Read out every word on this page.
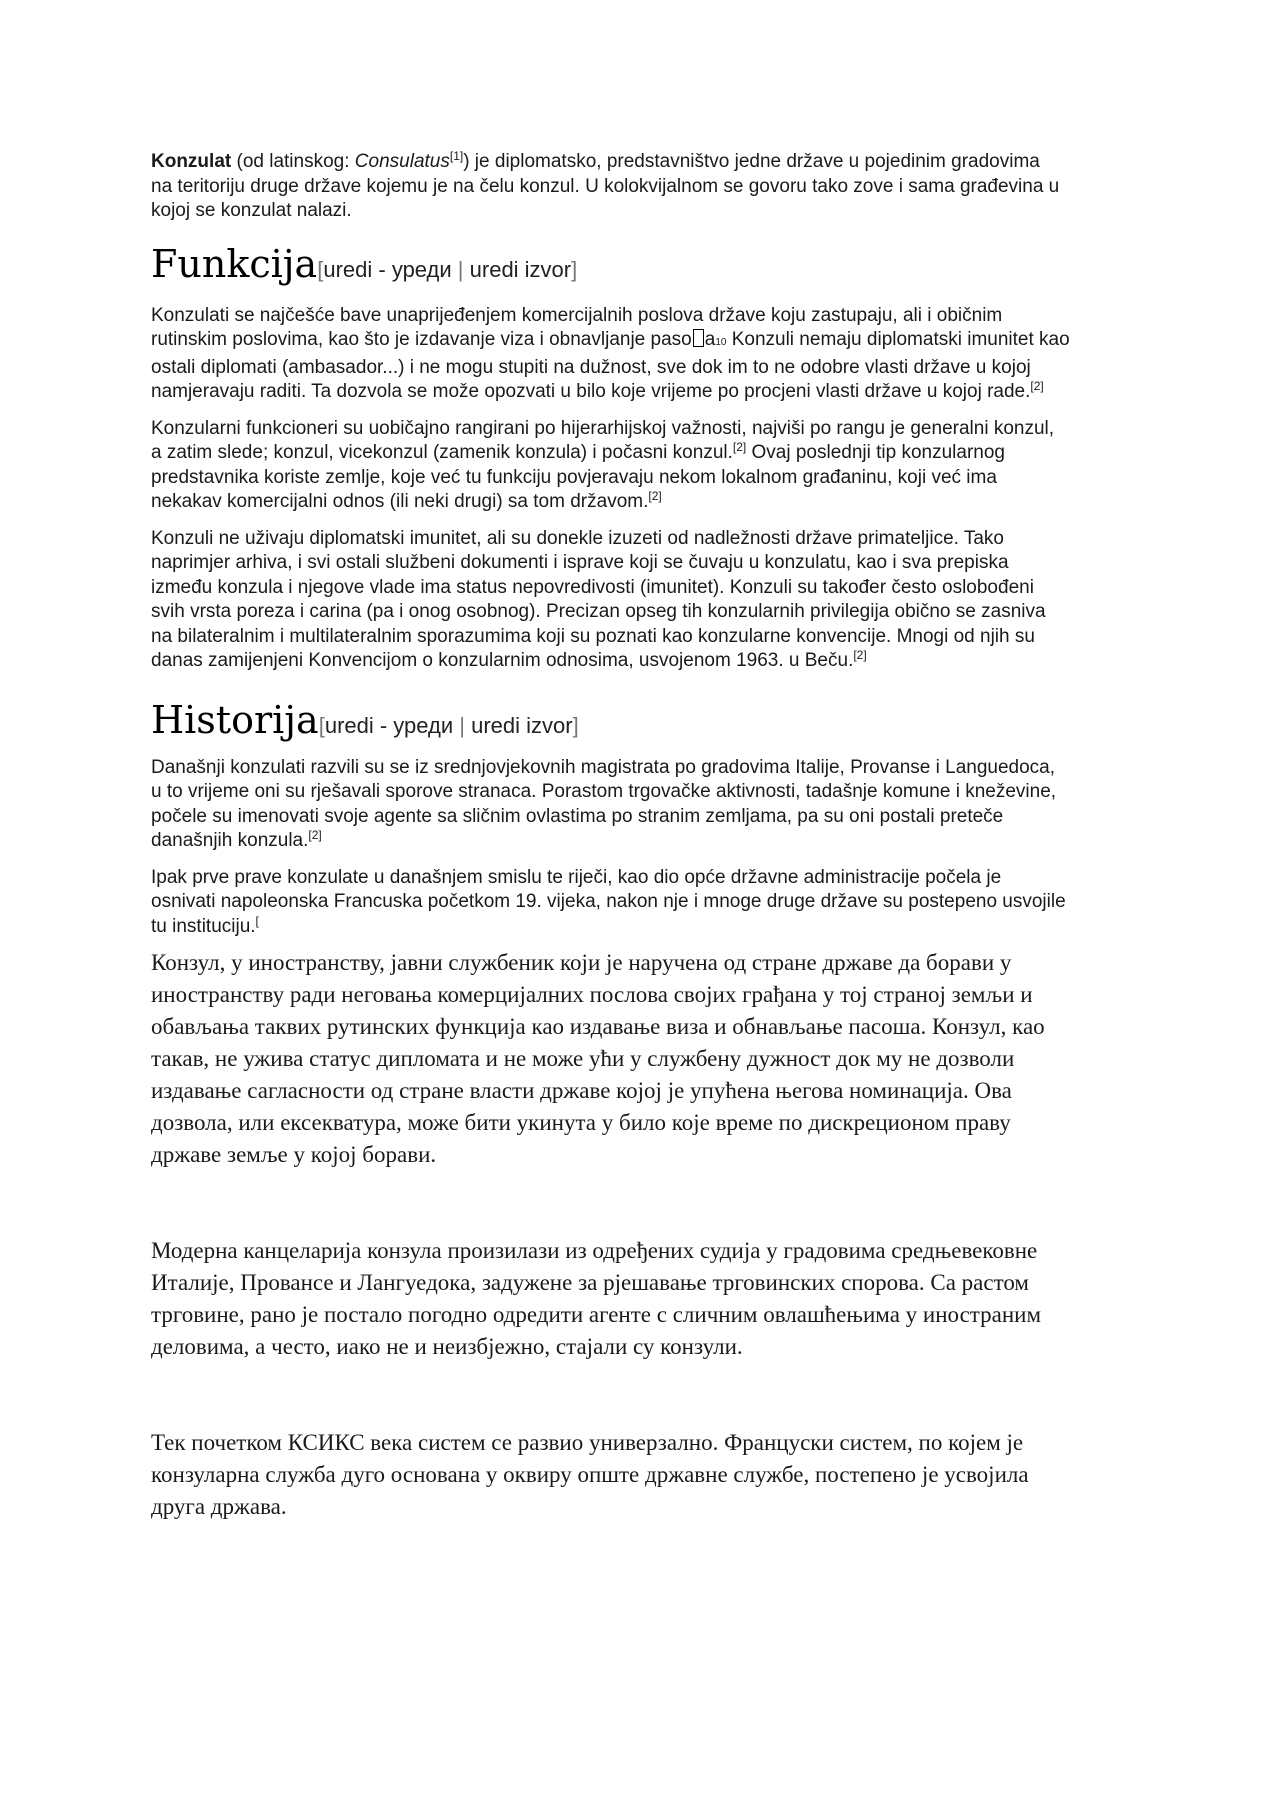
Konzulat (od latinskog: Consulatus[1]) je diplomatsko, predstavništvo jedne države u pojedinim gradovima
na teritoriju druge države kojemu je na čelu konzul. U kolokvijalnom se govoru tako zove i sama građevina u
kojoj se konzulat nalazi.

Funkcija[uredi - уреди | uredi izvor]

Konzulati se najčešće bave unaprijeđenjem komercijalnih poslova države koju zastupaju, ali i običnim
rutinskim poslovima, kao što je izdavanje viza i obnavljanje paso a10 Konzuli nemaju diplomatski imunitet kao
ostali diplomati (ambasador...) i ne mogu stupiti na dužnost, sve dok im to ne odobre vlasti države u kojoj
namjeravaju raditi. Ta dozvola se može opozvati u bilo koje vrijeme po procjeni vlasti države u kojoj rade.[2]

Konzularni funkcioneri su uobičajno rangirani po hijerarhijskoj važnosti, najviši po rangu je generalni konzul,
a zatim slede; konzul, vicekonzul (zamenik konzula) i počasni konzul.[2] Ovaj poslednji tip konzularnog
predstavnika koriste zemlje, koje već tu funkciju povjeravaju nekom lokalnom građaninu, koji već ima
nekakav komercijalni odnos (ili neki drugi) sa tom državom.[2]

Konzuli ne uživaju diplomatski imunitet, ali su donekle izuzeti od nadležnosti države primateljice. Tako
naprimjer arhiva, i svi ostali službeni dokumenti i isprave koji se čuvaju u konzulatu, kao i sva prepiska
između konzula i njegove vlade ima status nepovredivosti (imunitet). Konzuli su također često oslobođeni
svih vrsta poreza i carina (pa i onog osobnog). Precizan opseg tih konzularnih privilegija obično se zasniva
na bilateralnim i multilateralnim sporazumima koji su poznati kao konzularne konvencije. Mnogi od njih su
danas zamijenjeni Konvencijom o konzularnim odnosima, usvojenom 1963. u Beču.[2]

Historija[uredi - уреди | uredi izvor]

Današnji konzulati razvili su se iz srednjovjekovnih magistrata po gradovima Italije, Provanse i Languedoca,
u to vrijeme oni su rješavali sporove stranaca. Porastom trgovačke aktivnosti, tadašnje komune i kneževine,
počele su imenovati svoje agente sa sličnim ovlastima po stranim zemljama, pa su oni postali preteče
današnjih konzula.[2]

Ipak prve prave konzulate u današnjem smislu te riječi, kao dio opće državne administracije počela je
osnivati napoleonska Francuska početkom 19. vijeka, nakon nje i mnoge druge države su postepeno usvojile
tu instituciju.[

Конзул, у иностранству, јавни службеник који је наручена од стране државе да борави у
иностранству ради неговања комерцијалних послова својих грађана у тој страној земљи и
обављања таквих рутинских функција као издавање виза и обнављање пасоша. Конзул, као
такав, не ужива статус дипломата и не може ући у службену дужност док му не дозволи
издавање сагласности од стране власти државе којој је упућена његова номинација. Ова
дозвола, или ексекватура, може бити укинута у било које време по дискреционом праву
државе земље у којој борави.

Модерна канцеларија конзула произилази из одређених судија у градовима средњевековне
Италије, Провансе и Лангуедока, задужене за рјешавање трговинских спорова. Са растом
трговине, рано је постало погодно одредити агенте с сличним овлашћењима у иностраним
деловима, а често, иако не и неизбјежно, стајали су конзули.

Тек почетком КСИКС века систем се развио универзално. Француски систем, по којем је
конзуларна служба дуго основана у оквиру опште државне службе, постепено је усвојила
друга држава.
